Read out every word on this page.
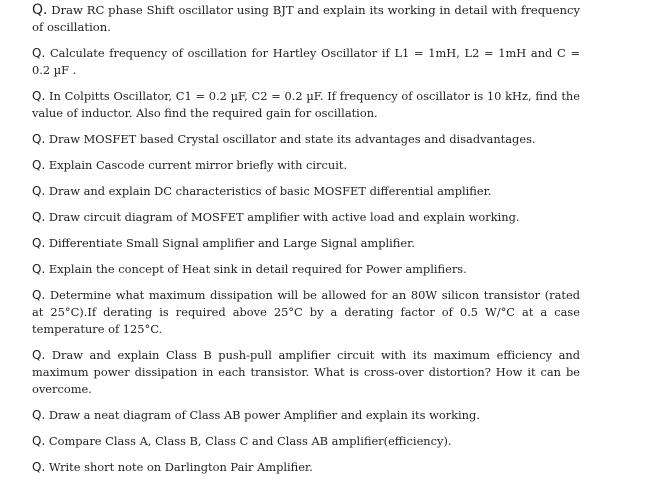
Q. Draw RC phase Shift oscillator using BJT and explain its working in detail with frequency of oscillation.

Q. Calculate frequency of oscillation for Hartley Oscillator if L1 = 1mH, L2 = 1mH and C = 0.2 µF .

Q. In Colpitts Oscillator, C1 = 0.2 µF, C2 = 0.2 µF. If frequency of oscillator is 10 kHz, find the value of inductor. Also find the required gain for oscillation.

Q. Draw MOSFET based Crystal oscillator and state its advantages and disadvantages.

Q. Explain Cascode current mirror briefly with circuit.

Q. Draw and explain DC characteristics of basic MOSFET differential amplifier.

Q. Draw circuit diagram of MOSFET amplifier with active load and explain working.

Q. Differentiate Small Signal amplifier and Large Signal amplifier.

Q. Explain the concept of Heat sink in detail required for Power amplifiers.

Q. Determine what maximum dissipation will be allowed for an 80W silicon transistor (rated at 25°C).If derating is required above 25°C by a derating factor of 0.5 W/°C at a case temperature of 125°C.

Q. Draw and explain Class B push-pull amplifier circuit with its maximum efficiency and maximum power dissipation in each transistor. What is cross-over distortion? How it can be overcome.

Q. Draw a neat diagram of Class AB power Amplifier and explain its working.

Q. Compare Class A, Class B, Class C and Class AB amplifier(efficiency).

Q. Write short note on Darlington Pair Amplifier.
